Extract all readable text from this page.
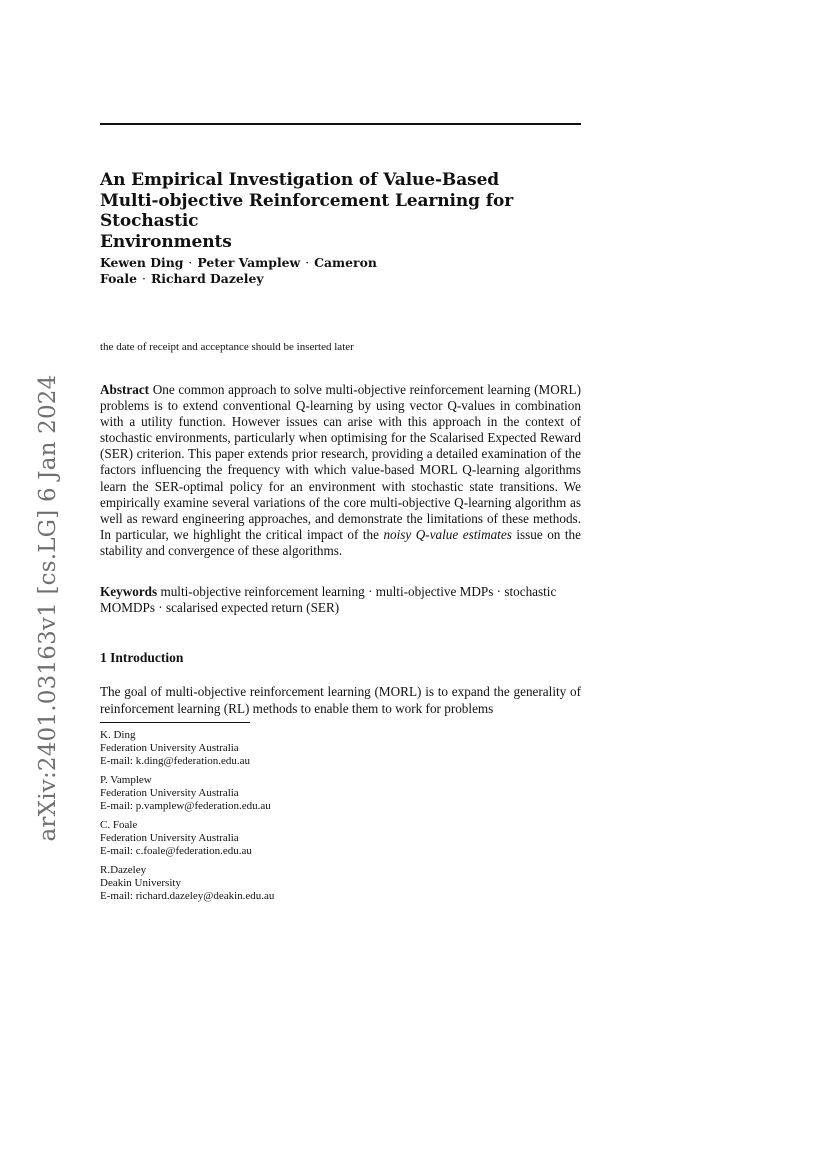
An Empirical Investigation of Value-Based
Multi-objective Reinforcement Learning for Stochastic
Environments
Kewen Ding · Peter Vamplew · Cameron
Foale · Richard Dazeley
the date of receipt and acceptance should be inserted later
Abstract One common approach to solve multi-objective reinforcement learning (MORL) problems is to extend conventional Q-learning by using vector Q-values in combination with a utility function. However issues can arise with this approach in the context of stochastic environments, particularly when optimising for the Scalarised Expected Reward (SER) criterion. This paper extends prior research, providing a detailed examination of the factors influencing the frequency with which value-based MORL Q-learning algorithms learn the SER-optimal policy for an environment with stochastic state transitions. We empirically examine several variations of the core multi-objective Q-learning algorithm as well as reward engineering approaches, and demonstrate the limitations of these methods. In particular, we highlight the critical impact of the noisy Q-value estimates issue on the stability and convergence of these algorithms.
Keywords multi-objective reinforcement learning · multi-objective MDPs · stochastic MOMDPs · scalarised expected return (SER)
1 Introduction
The goal of multi-objective reinforcement learning (MORL) is to expand the generality of reinforcement learning (RL) methods to enable them to work for problems
K. Ding
Federation University Australia
E-mail: k.ding@federation.edu.au
P. Vamplew
Federation University Australia
E-mail: p.vamplew@federation.edu.au
C. Foale
Federation University Australia
E-mail: c.foale@federation.edu.au
R.Dazeley
Deakin University
E-mail: richard.dazeley@deakin.edu.au
arXiv:2401.03163v1 [cs.LG] 6 Jan 2024
